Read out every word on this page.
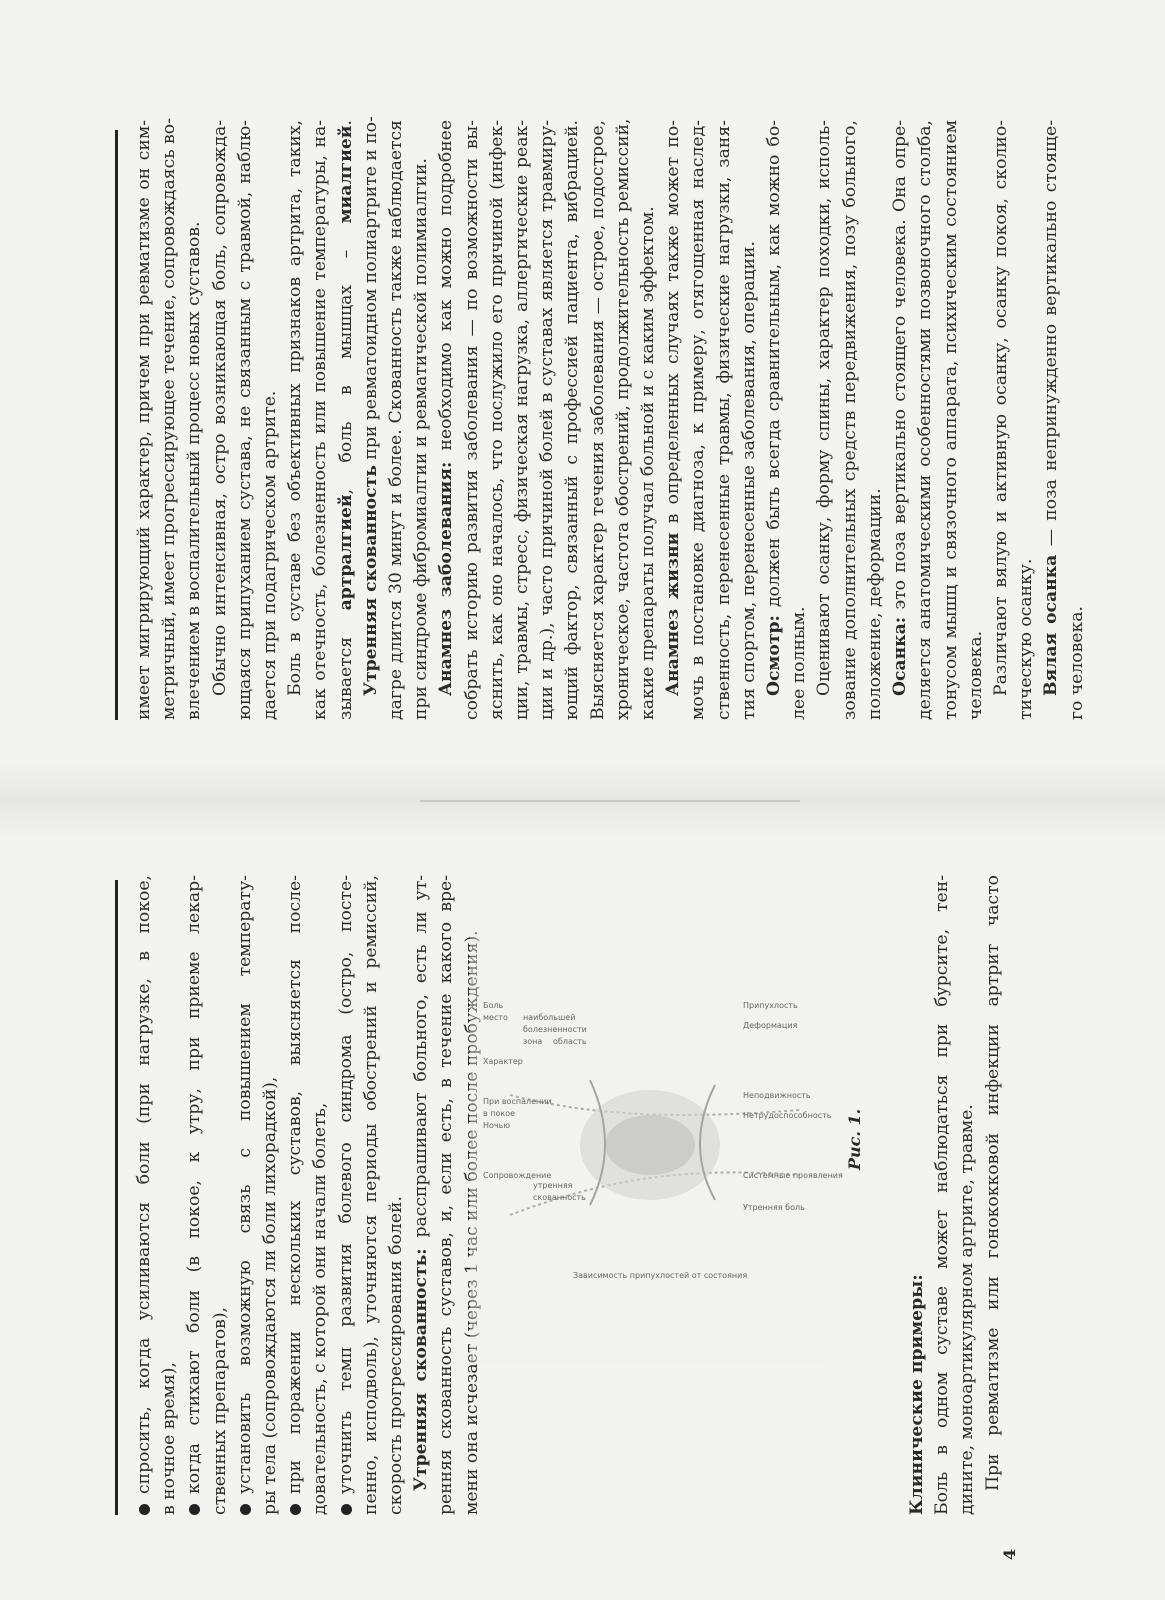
спросить, когда усиливаются боли (при нагрузке, в покое, в ночное время), когда стихают боли (в покое, к утру, при приеме лекар- ственных препаратов), установить возможную связь с повышением температу- ры тела (сопровождаются ли боли лихорадкой), при поражении нескольких суставов, выясняется после- довательность, с которой они начали болеть, уточнить темп развития болевого синдрома (остро, посте- пенно, исподволь), уточняются периоды обострений и ремиссий, скорость прогрессирования болей. Утренняя скованность: расспрашивают больного, есть ли ут- ренняя скованность суставов, и, если есть, в течение какого вре- мени она исчезает (через 1 час или более после пробуждения). Боль
место наибольшей
болезненности
зона область
Характер
При воспалении
в покое
Ночью
Сопровождение
утренняя
скованность
Припухлость
Деформация
Неподвижность
Нетрудоспособность
Системные проявления
Утренняя боль
Зависимость припухлостей от состояния
Рис. 1.
Клинические примеры: Боль в одном суставе может наблюдаться при бурсите, тен- дините, моноартикулярном артрите, травме. При ревматизме или гонококковой инфекции артрит часто
4
имеет мигрирующий характер, причем при ревматизме он сим- метричный, имеет прогрессирующее течение, сопровождаясь во- влечением в воспалительный процесс новых суставов. Обычно интенсивная, остро возникающая боль, сопровожда- ющаяся припуханием сустава, не связанным с травмой, наблю- дается при подагрическом артрите. Боль в суставе без объективных признаков артрита, таких, как отечность, болезненность или повышение температуры, на- зывается артралгией, боль в мышцах – миалгией.
Утренняя скованность при ревматоидном полиартрите и по- дагре длится 30 минут и более. Скованность также наблюдается при синдроме фибромиалгии и ревматической полимиалгии. Анамнез заболевания: необходимо как можно подробнее собрать историю развития заболевания — по возможности вы- яснить, как оно началось, что послужило его причиной (инфек- ции, травмы, стресс, физическая нагрузка, аллергические реак- ции и др.), часто причиной болей в суставах является травмиру- ющий фактор, связанный с профессией пациента, вибрацией. Выясняется характер течения заболевания — острое, подострое, хроническое, частота обострений, продолжительность ремиссий, какие препараты получал больной и с каким эффектом. Анамнез жизни в определенных случаях также может по- мочь в постановке диагноза, к примеру, отягощенная наслед- ственность, перенесенные травмы, физические нагрузки, заня- тия спортом, перенесенные заболевания, операции. Осмотр: должен быть всегда сравнительным, как можно бо-
лее полным. Оценивают осанку, форму спины, характер походки, исполь- зование дополнительных средств передвижения, позу больного, положение, деформации. Осанка: это поза вертикально стоящего человека. Она опре- деляется анатомическими особенностями позвоночного столба, тонусом мышц и связочного аппарата, психическим состоянием человека. Различают вялую и активную осанку, осанку покоя, сколио- тическую осанку. Вялая осанка — поза непринужденно вертикально стояще-
го человека.
